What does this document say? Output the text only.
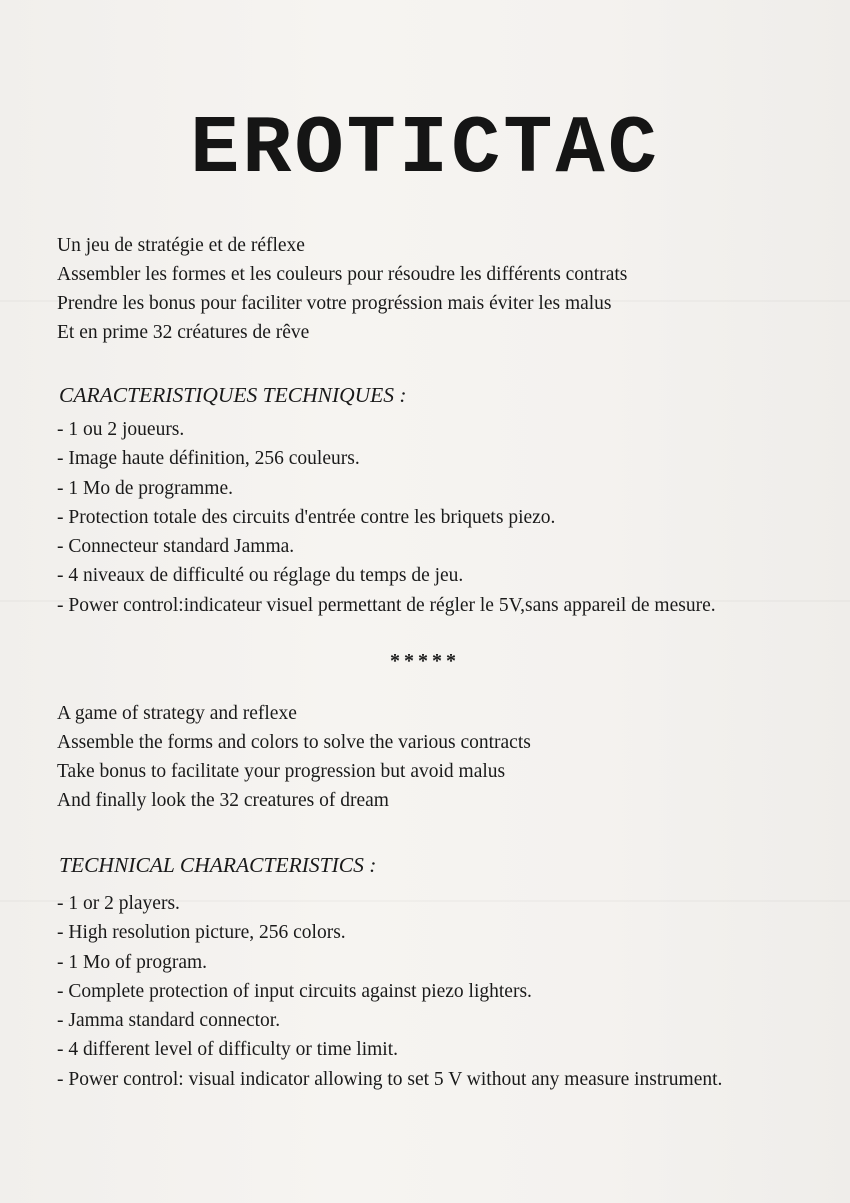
EROTICTAC
Un jeu de stratégie et de réflexe
Assembler les formes et les couleurs pour résoudre les différents contrats
Prendre les bonus pour faciliter votre progréssion mais éviter les malus
Et en prime 32 créatures de rêve
CARACTERISTIQUES TECHNIQUES :
- 1 ou 2 joueurs.
- Image haute définition, 256 couleurs.
- 1 Mo de programme.
- Protection totale des circuits d'entrée contre les briquets piezo.
- Connecteur standard Jamma.
- 4 niveaux de difficulté ou réglage du temps de jeu.
- Power control:indicateur visuel permettant de régler le 5V,sans appareil de mesure.
*****
A game of strategy and reflexe
Assemble the forms and colors to solve the various contracts
Take bonus to facilitate your progression but avoid malus
And finally look the 32 creatures of dream
TECHNICAL CHARACTERISTICS :
- 1 or 2 players.
- High resolution picture, 256 colors.
- 1 Mo of program.
- Complete protection of input circuits against piezo lighters.
- Jamma standard connector.
- 4 different level of difficulty or time limit.
- Power control: visual indicator allowing to set 5 V without any measure instrument.
